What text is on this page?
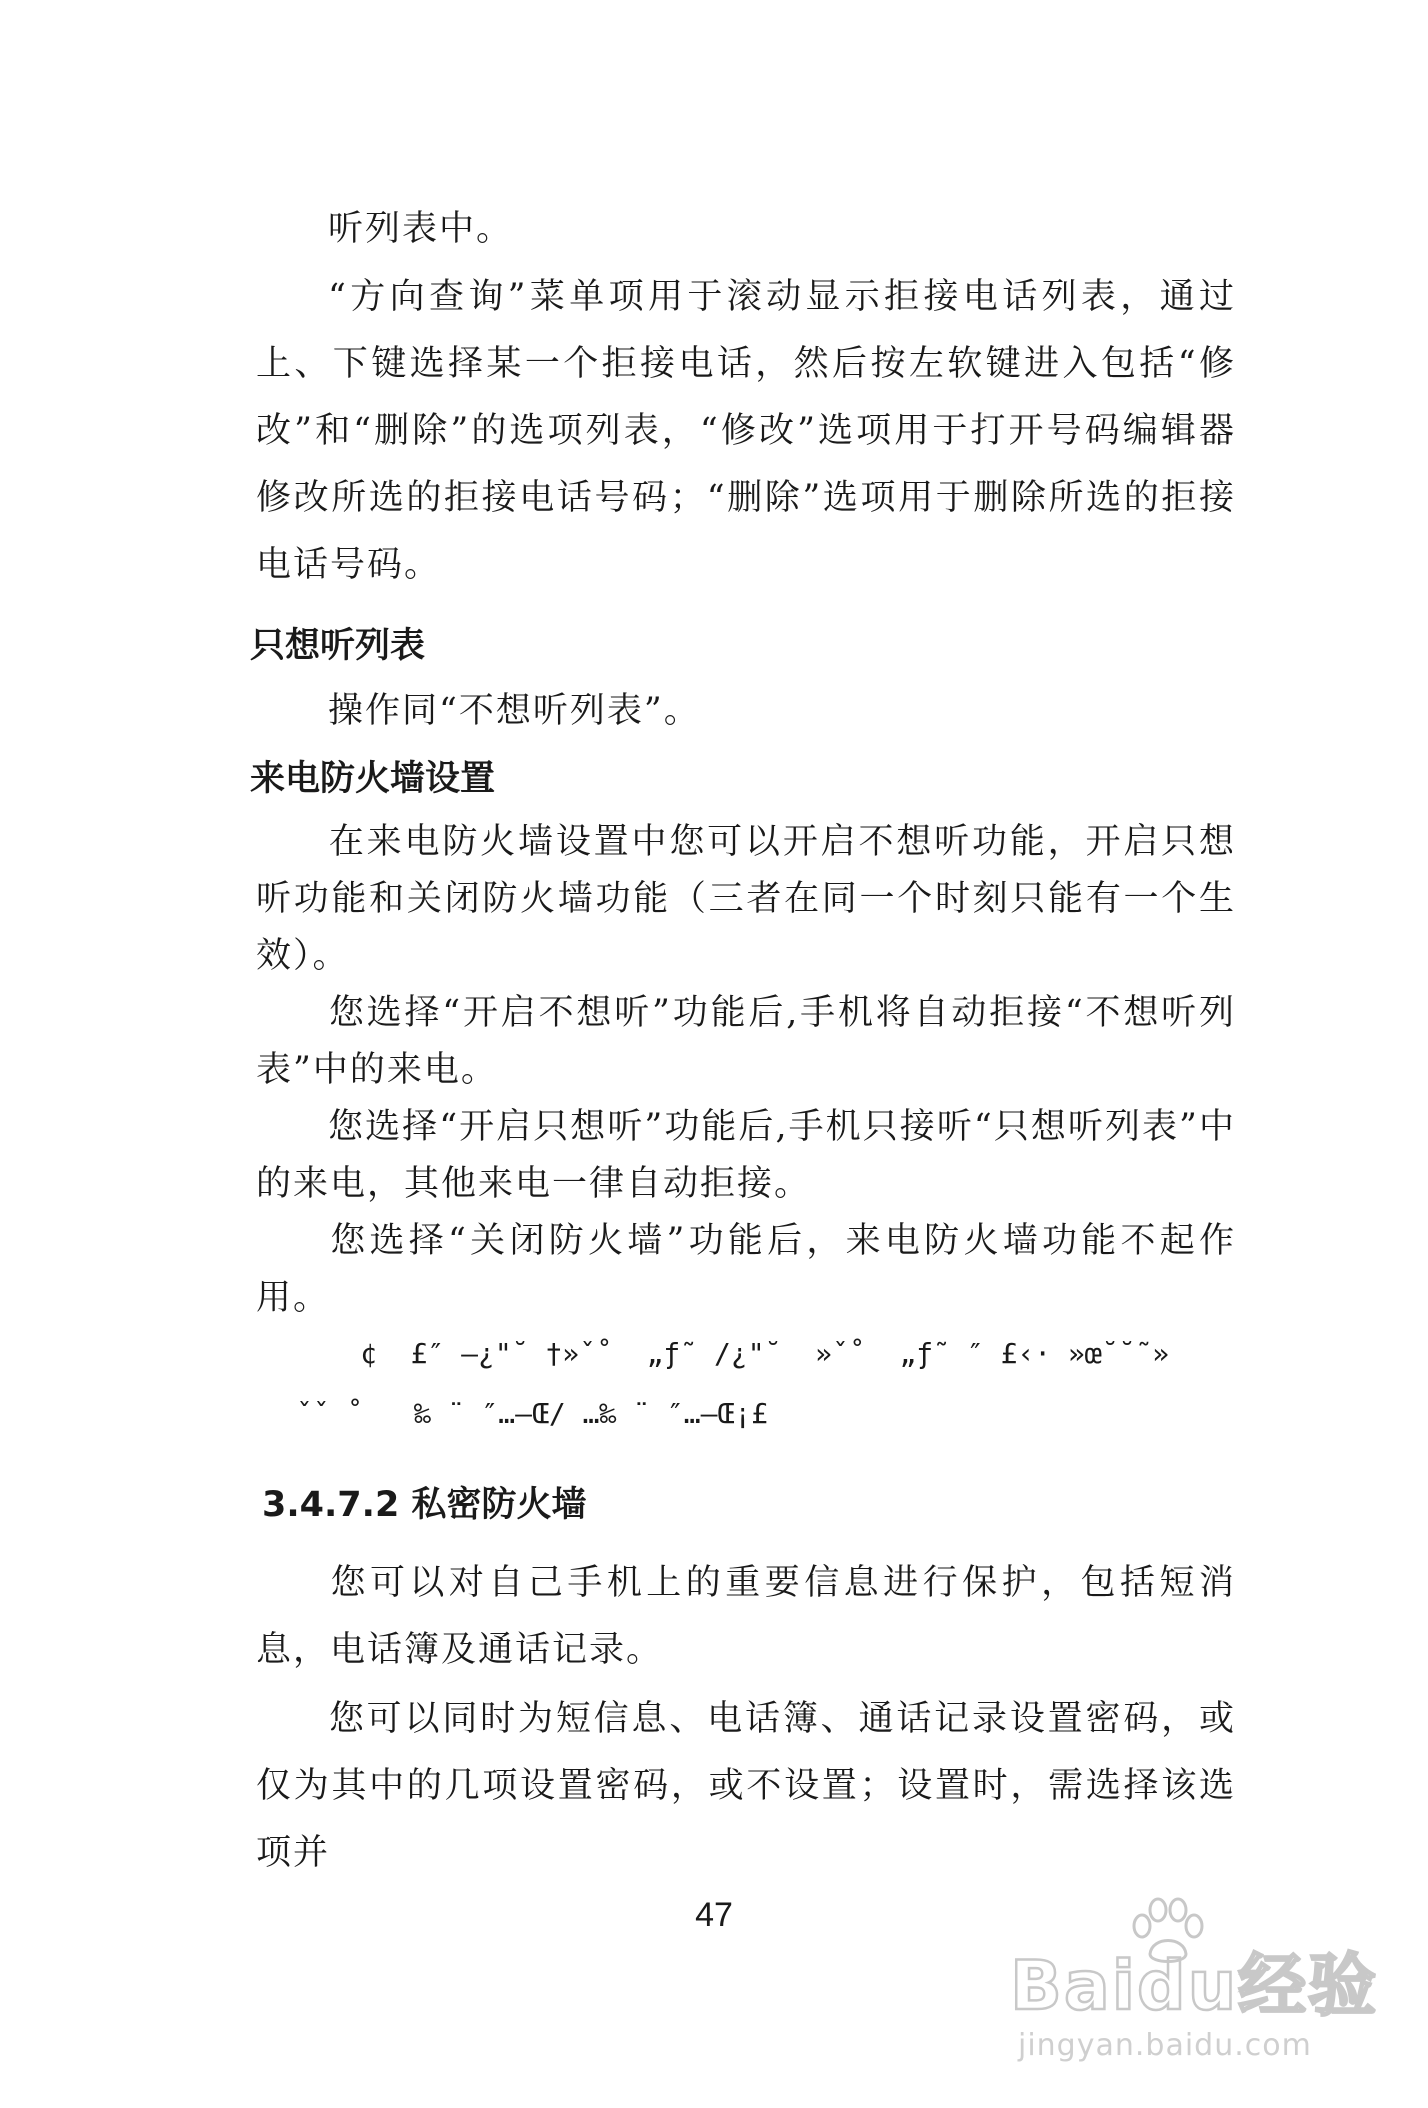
听列表中。

“方向查询”菜单项用于滚动显示拒接电话列表，通过上、下键选择某一个拒接电话，然后按左软键进入包括“修改”和“删除”的选项列表，“修改”选项用于打开号码编辑器修改所选的拒接电话号码；“删除”选项用于删除所选的拒接电话号码。

只想听列表

操作同“不想听列表”。

来电防火墙设置

在来电防火墙设置中您可以开启不想听功能，开启只想听功能和关闭防火墙功能（三者在同一个时刻只能有一个生效）。

您选择“开启不想听”功能后,手机将自动拒接“不想听列表”中的来电。

您选择“开启只想听”功能后,手机只接听“只想听列表”中的来电，其他来电一律自动拒接。

您选择“关闭防火墙”功能后，来电防火墙功能不起作用。

¢  £″ –¿"˘ †»ˇ˚  „ƒ˜ /¿"˘  »ˇ˚  „ƒ˜ ″ £‹· »œ˘˘˜»

ˇˇ ˚   ‰ ¨ ″…–Œ/ …‰ ¨ ″…–Œ¡£

3.4.7.2 私密防火墙

您可以对自己手机上的重要信息进行保护，包括短消息，电话簿及通话记录。

您可以同时为短信息、电话簿、通话记录设置密码，或仅为其中的几项设置密码，或不设置；设置时，需选择该选项并

47
Baidu经验
jingyan.baidu.com
